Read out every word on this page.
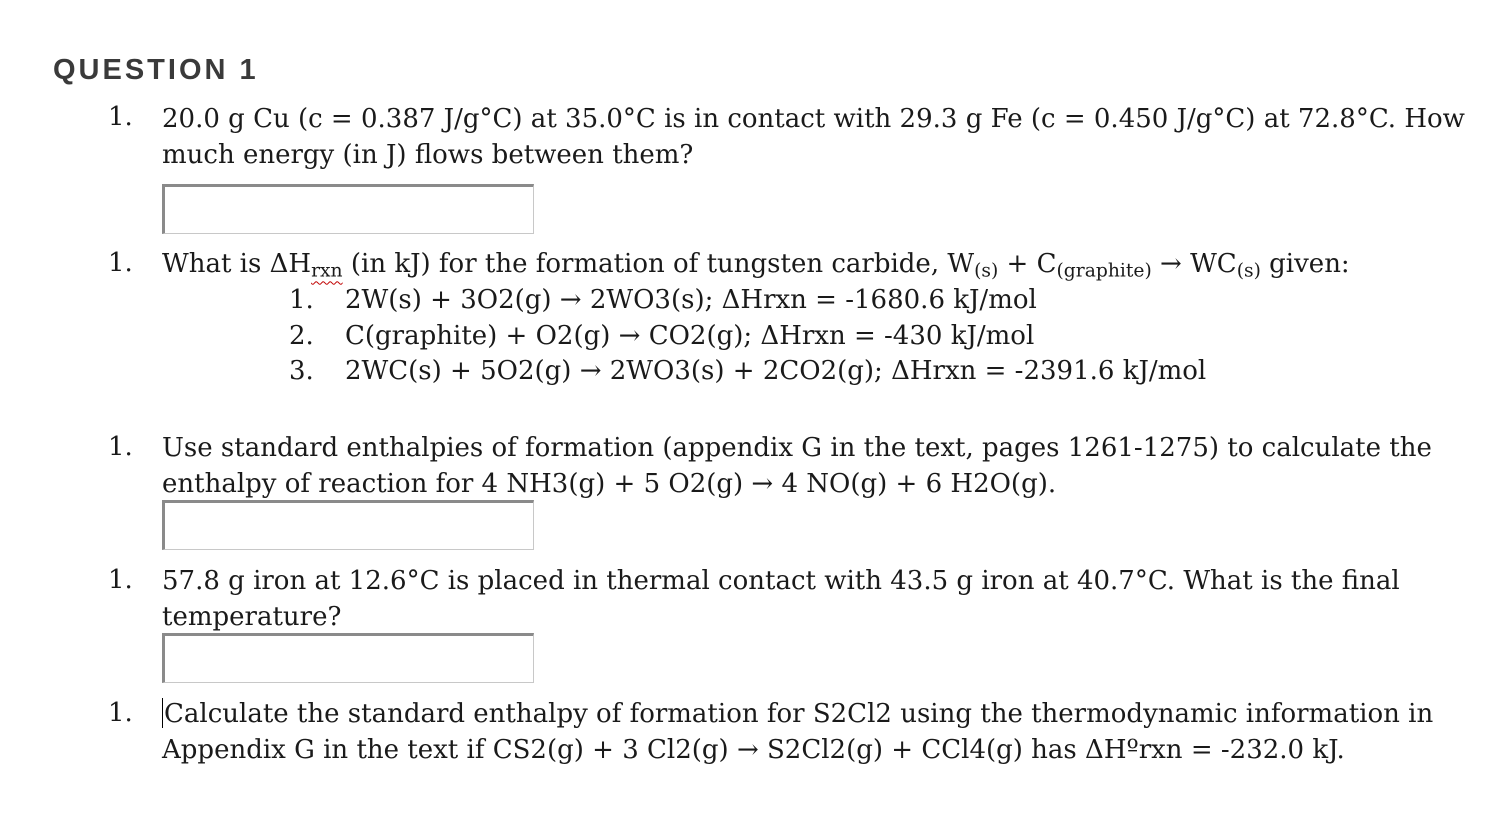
QUESTION 1
1. 20.0 g Cu (c = 0.387 J/g°C) at 35.0°C is in contact with 29.3 g Fe (c = 0.450 J/g°C) at 72.8°C. How
much energy (in J) flows between them?
1. What is $\Delta H_{rxn}$ (in kJ) for the formation of tungsten carbide, $W_{(s)} + C_{(graphite)} \to WC_{(s)}$ given:
1. 2W(s) + 3O2(g) → 2WO3(s); ΔHrxn = -1680.6 kJ/mol
2. C(graphite) + O2(g) → CO2(g); ΔHrxn = -430 kJ/mol
3. 2WC(s) + 5O2(g) → 2WO3(s) + 2CO2(g); ΔHrxn = -2391.6 kJ/mol
1. Use standard enthalpies of formation (appendix G in the text, pages 1261-1275) to calculate the
enthalpy of reaction for 4 NH3(g) + 5 O2(g) → 4 NO(g) + 6 H2O(g).
1. 57.8 g iron at 12.6°C is placed in thermal contact with 43.5 g iron at 40.7°C. What is the final
temperature?
1. Calculate the standard enthalpy of formation for S2Cl2 using the thermodynamic information in
Appendix G in the text if CS2(g) + 3 Cl2(g) → S2Cl2(g) + CCl4(g) has ΔHºrxn = -232.0 kJ.
